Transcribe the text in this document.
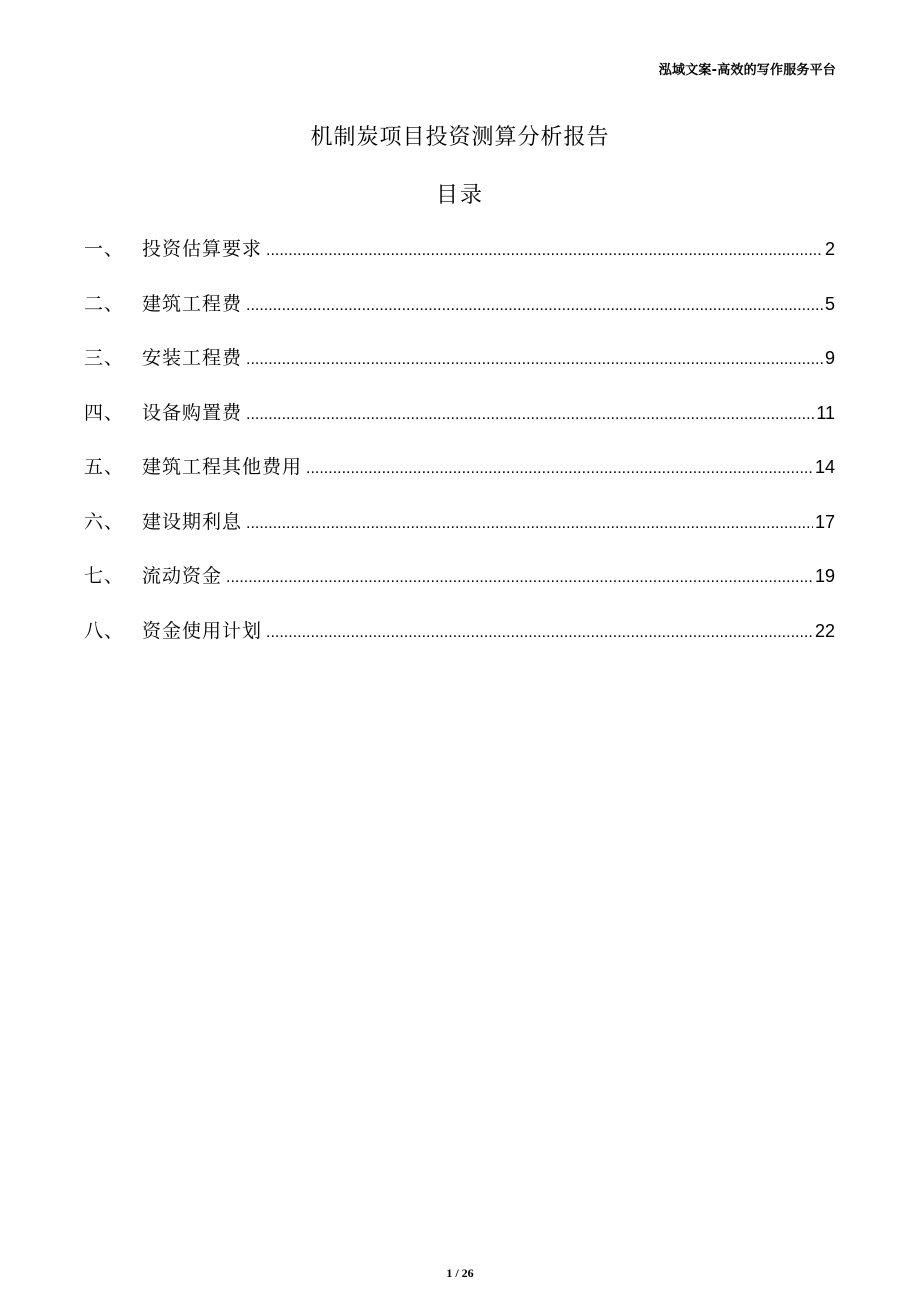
泓域文案-高效的写作服务平台
机制炭项目投资测算分析报告
目录
一、 投资估算要求 .....	2
二、 建筑工程费 .....	5
三、 安装工程费 .....	9
四、 设备购置费 .....	11
五、 建筑工程其他费用 .....	14
六、 建设期利息 .....	17
七、 流动资金 .....	19
八、 资金使用计划 .....	22
1 / 26
